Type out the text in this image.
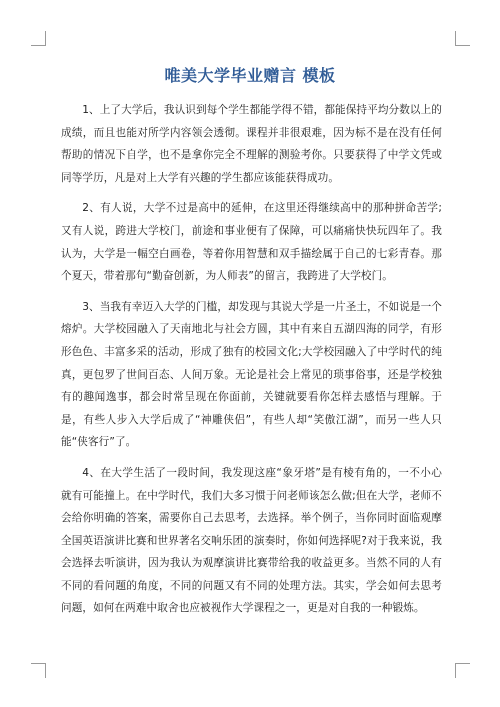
唯美大学毕业赠言 模板

1、上了大学后，我认识到每个学生都能学得不错，都能保持平均分数以上的成绩，而且也能对所学内容领会透彻。课程并非很艰难，因为标不是在没有任何帮助的情况下自学，也不是拿你完全不理解的测验考你。只要获得了中学文凭或同等学历，凡是对上大学有兴趣的学生都应该能获得成功。

2、有人说，大学不过是高中的延伸，在这里还得继续高中的那种拼命苦学;又有人说，跨进大学校门，前途和事业便有了保障，可以痛痛快快玩四年了。我认为，大学是一幅空白画卷，等着你用智慧和双手描绘属于自己的七彩青春。那个夏天，带着那句“勤奋创新，为人师表”的留言，我跨进了大学校门。

3、当我有幸迈入大学的门槛，却发现与其说大学是一片圣土，不如说是一个熔炉。大学校园融入了天南地北与社会方圆，其中有来自五湖四海的同学，有形形色色、丰富多采的活动，形成了独有的校园文化;大学校园融入了中学时代的纯真，更包罗了世间百态、人间万象。无论是社会上常见的琐事俗事，还是学校独有的趣闻逸事，都会时常呈现在你面前，关键就要看你怎样去感悟与理解。于是，有些人步入大学后成了“神雕侠侣”，有些人却“笑傲江湖”，而另一些人只能“侠客行”了。

4、在大学生活了一段时间，我发现这座“象牙塔”是有棱有角的，一不小心就有可能撞上。在中学时代，我们大多习惯于问老师该怎么做;但在大学，老师不会给你明确的答案，需要你自己去思考，去选择。举个例子，当你同时面临观摩全国英语演讲比赛和世界著名交响乐团的演奏时，你如何选择呢?对于我来说，我会选择去听演讲，因为我认为观摩演讲比赛带给我的收益更多。当然不同的人有不同的看问题的角度，不同的问题又有不同的处理方法。其实，学会如何去思考问题，如何在两难中取舍也应被视作大学课程之一，更是对自我的一种锻炼。
